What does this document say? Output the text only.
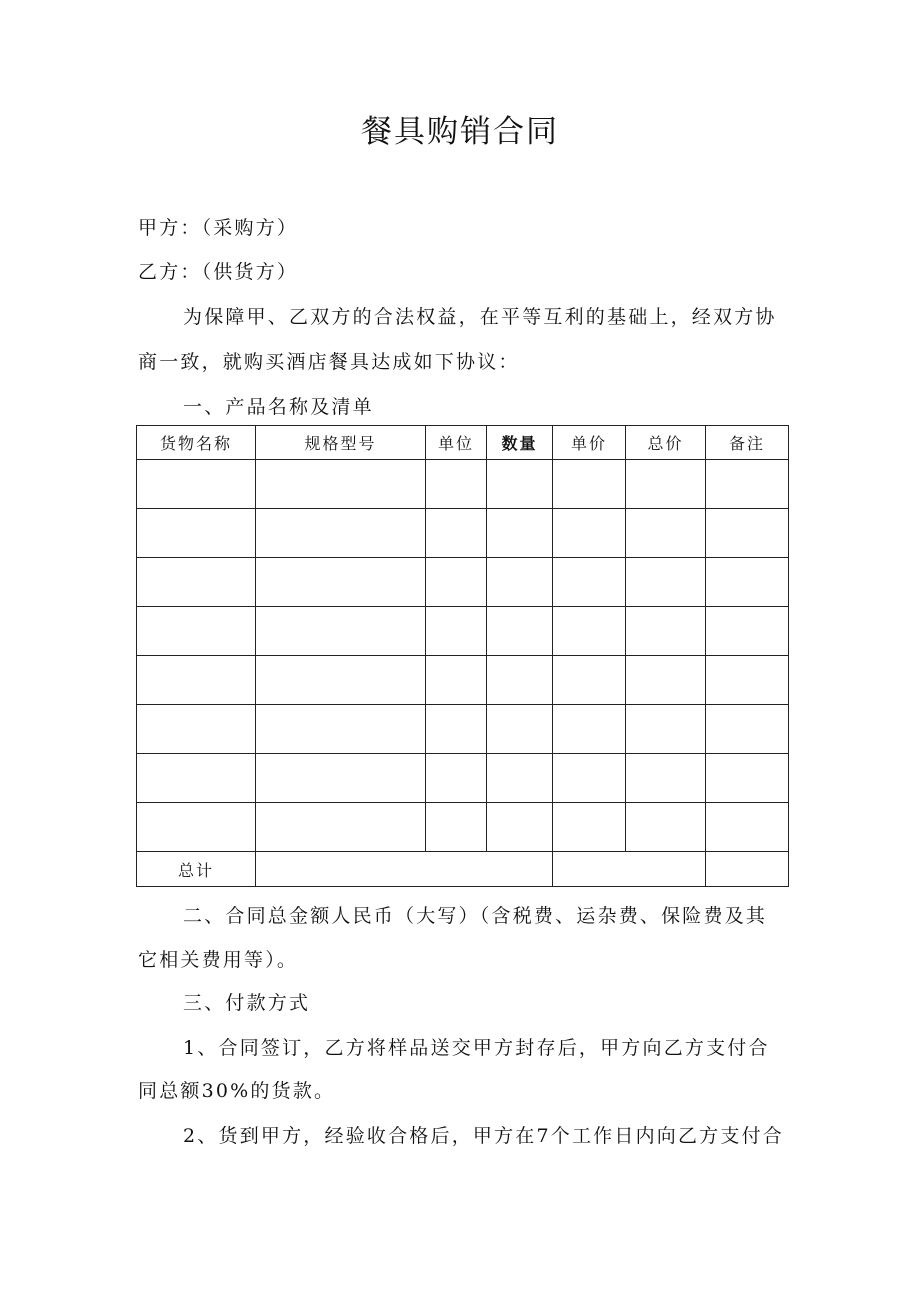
餐具购销合同
甲方：（采购方）
乙方：（供货方）
为保障甲、乙双方的合法权益，在平等互利的基础上，经双方协
商一致，就购买酒店餐具达成如下协议：
一、产品名称及清单
货物名称	规格型号	单位	数量	单价	总价	备注

总计						
二、合同总金额人民币（大写）（含税费、运杂费、保险费及其
它相关费用等）。
三、付款方式
1、合同签订，乙方将样品送交甲方封存后，甲方向乙方支付合
同总额30%的货款。
2、货到甲方，经验收合格后，甲方在7个工作日内向乙方支付合
